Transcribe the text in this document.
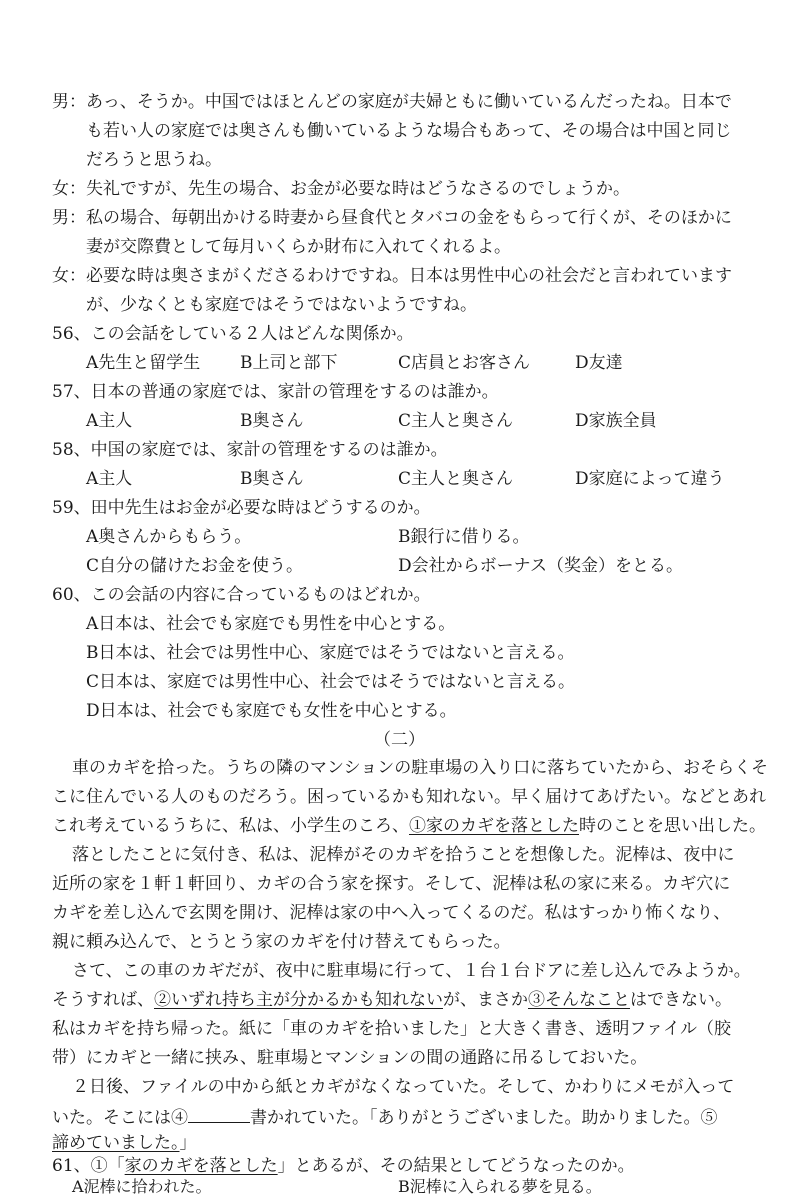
男： あっ、そうか。中国ではほとんどの家庭が夫婦ともに働いているんだったね。日本で
も若い人の家庭では奥さんも働いているような場合もあって、その場合は中国と同じ
だろうと思うね。
女： 失礼ですが、先生の場合、お金が必要な時はどうなさるのでしょうか。
男： 私の場合、毎朝出かける時妻から昼食代とタバコの金をもらって行くが、そのほかに
妻が交際費として毎月いくらか財布に入れてくれるよ。
女： 必要な時は奥さまがくださるわけですね。日本は男性中心の社会だと言われています
が、少なくとも家庭ではそうではないようですね。
56、この会話をしている２人はどんな関係か。
A先生と留学生 B上司と部下	C店員とお客さん	D友達
57、日本の普通の家庭では、家計の管理をするのは誰か。
A主人	B奥さん	C主人と奥さん	D家族全員
58、中国の家庭では、家計の管理をするのは誰か。
A主人	B奥さん	C主人と奥さん	D家庭によって違う
59、田中先生はお金が必要な時はどうするのか。
A奥さんからもらう。	B銀行に借りる。
C自分の儲けたお金を使う。	D会社からボーナス（奖金）をとる。
60、この会話の内容に合っているものはどれか。
A日本は、社会でも家庭でも男性を中心とする。
B日本は、社会では男性中心、家庭ではそうではないと言える。
C日本は、家庭では男性中心、社会ではそうではないと言える。
D日本は、社会でも家庭でも女性を中心とする。
（二）
車のカギを拾った。うちの隣のマンションの駐車場の入り口に落ちていたから、おそらくそ
こに住んでいる人のものだろう。困っているかも知れない。早く届けてあげたい。などとあれ
これ考えているうちに、私は、小学生のころ、①家のカギを落とした時のことを思い出した。
落としたことに気付き、私は、泥棒がそのカギを拾うことを想像した。泥棒は、夜中に
近所の家を１軒１軒回り、カギの合う家を探す。そして、泥棒は私の家に来る。カギ穴に
カギを差し込んで玄関を開け、泥棒は家の中へ入ってくるのだ。私はすっかり怖くなり、
親に頼み込んで、とうとう家のカギを付け替えてもらった。
さて、この車のカギだが、夜中に駐車場に行って、１台１台ドアに差し込んでみようか。
そうすれば、②いずれ持ち主が分かるかも知れないが、まさか③そんなことはできない。
私はカギを持ち帰った。紙に「車のカギを拾いました」と大きく書き、透明ファイル（胶
带）にカギと一緒に挟み、駐車場とマンションの間の通路に吊るしておいた。
２日後、ファイルの中から紙とカギがなくなっていた。そして、かわりにメモが入って
いた。そこには④	書かれていた。「ありがとうございました。助かりました。⑤
諦めていました。」
61、①「家のカギを落とした」とあるが、その結果としてどうなったのか。
A泥棒に拾われた。	B泥棒に入られる夢を見る。
